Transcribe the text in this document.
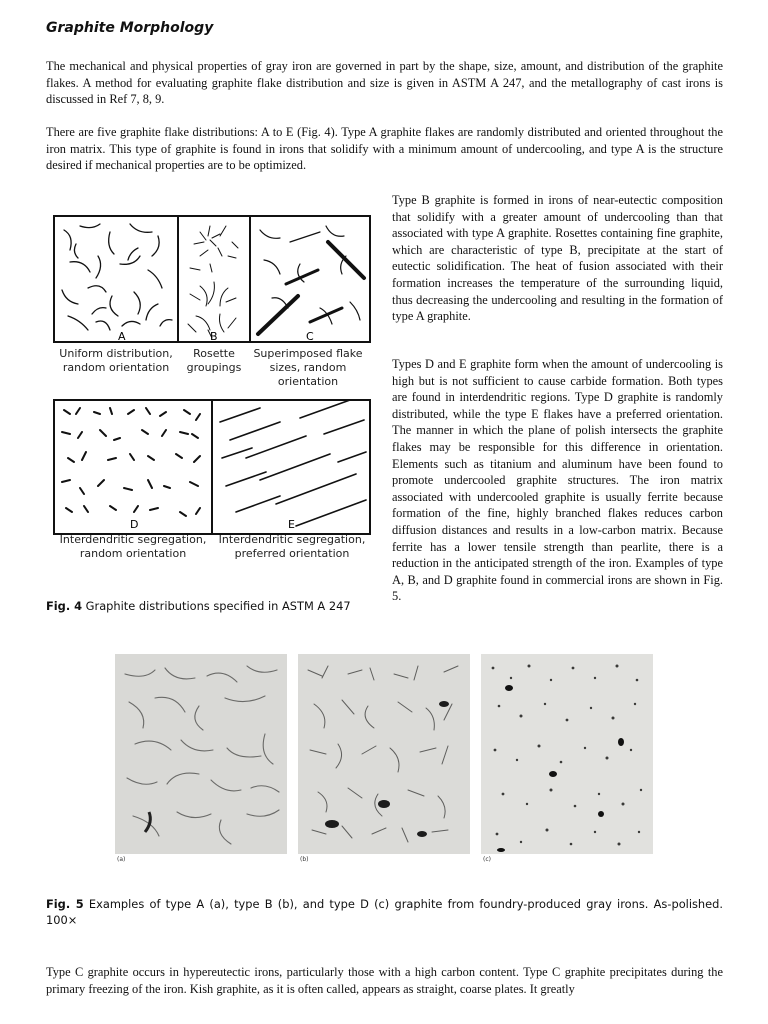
Graphite Morphology

The mechanical and physical properties of gray iron are governed in part by the shape, size, amount, and distribution of the graphite flakes. A method for evaluating graphite flake distribution and size is given in ASTM A 247, and the metallography of cast irons is discussed in Ref 7, 8, 9.

There are five graphite flake distributions: A to E (Fig. 4). Type A graphite flakes are randomly distributed and oriented throughout the iron matrix. This type of graphite is found in irons that solidify with a minimum amount of undercooling, and type A is the structure desired if mechanical properties are to be optimized.

Type B graphite is formed in irons of near-eutectic composition that solidify with a greater amount of undercooling than that associated with type A graphite. Rosettes containing fine graphite, which are characteristic of type B, precipitate at the start of eutectic solidification. The heat of fusion associated with their formation increases the temperature of the surrounding liquid, thus decreasing the undercooling and resulting in the formation of type A graphite.

Types D and E graphite form when the amount of undercooling is high but is not sufficient to cause carbide formation. Both types are found in interdendritic regions. Type D graphite is randomly distributed, while the type E flakes have a preferred orientation. The manner in which the plane of polish intersects the graphite flakes may be responsible for this difference in orientation. Elements such as titanium and aluminum have been found to promote undercooled graphite structures. The iron matrix associated with undercooled graphite is usually ferrite because formation of the fine, highly branched flakes reduces carbon diffusion distances and results in a low-carbon matrix. Because ferrite has a lower tensile strength than pearlite, there is a reduction in the anticipated strength of the iron. Examples of type A, B, and D graphite found in commercial irons are shown in Fig. 5.

A	B	C
D	E
Uniform distribution,
random orientation
Rosette
groupings
Superimposed flake
sizes, random
orientation
Interdendritic segregation,
random orientation
Interdendritic segregation,
preferred orientation

Fig. 4 Graphite distributions specified in ASTM A 247

(a)	(b)	(c)

Fig. 5 Examples of type A (a), type B (b), and type D (c) graphite from foundry-produced gray irons. As-polished. 100×

Type C graphite occurs in hypereutectic irons, particularly those with a high carbon content. Type C graphite precipitates during the primary freezing of the iron. Kish graphite, as it is often called, appears as straight, coarse plates. It greatly
